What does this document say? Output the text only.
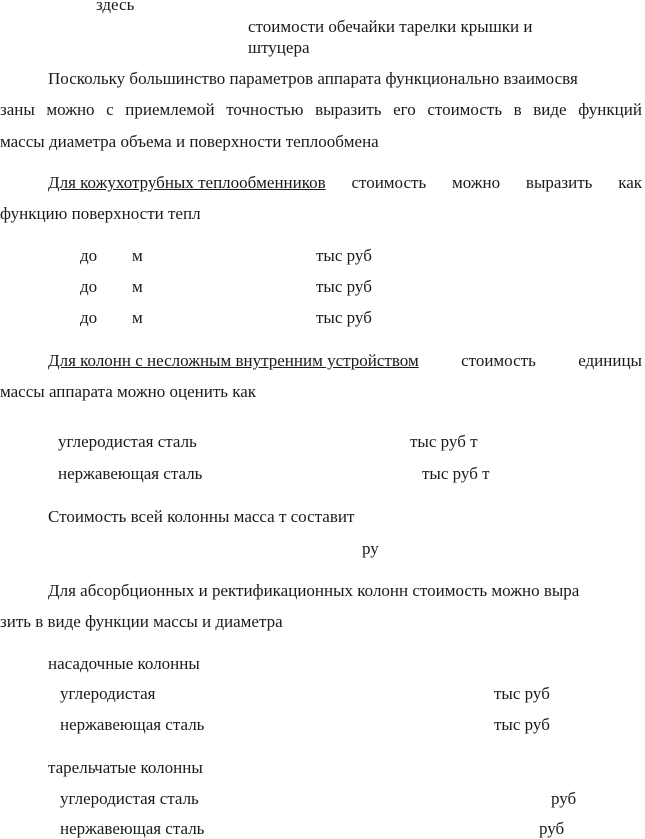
здесь
стоимости обечайки тарелки крышки и
штуцера
Поскольку большинство параметров аппарата функционально взаимосвя
заны можно с приемлемой точностью выразить его стоимость в виде функций
массы диаметра объема и поверхности теплообмена
Для кожухотрубных теплообменников стоимость можно выразить как
функцию поверхности тепл
до м	тыс руб
до м	тыс руб
до м	тыс руб
Для колонн с несложным внутренним устройством стоимость единицы
массы аппарата можно оценить как
углеродистая сталь	тыс руб т
нержавеющая сталь	тыс руб т
Стоимость всей колонны масса т составит
ру
Для абсорбционных и ректификационных колонн стоимость можно выра
зить в виде функции массы и диаметра
насадочные колонны
углеродистая	тыс руб
нержавеющая сталь	тыс руб
тарельчатые колонны
углеродистая сталь	руб
нержавеющая сталь	руб
